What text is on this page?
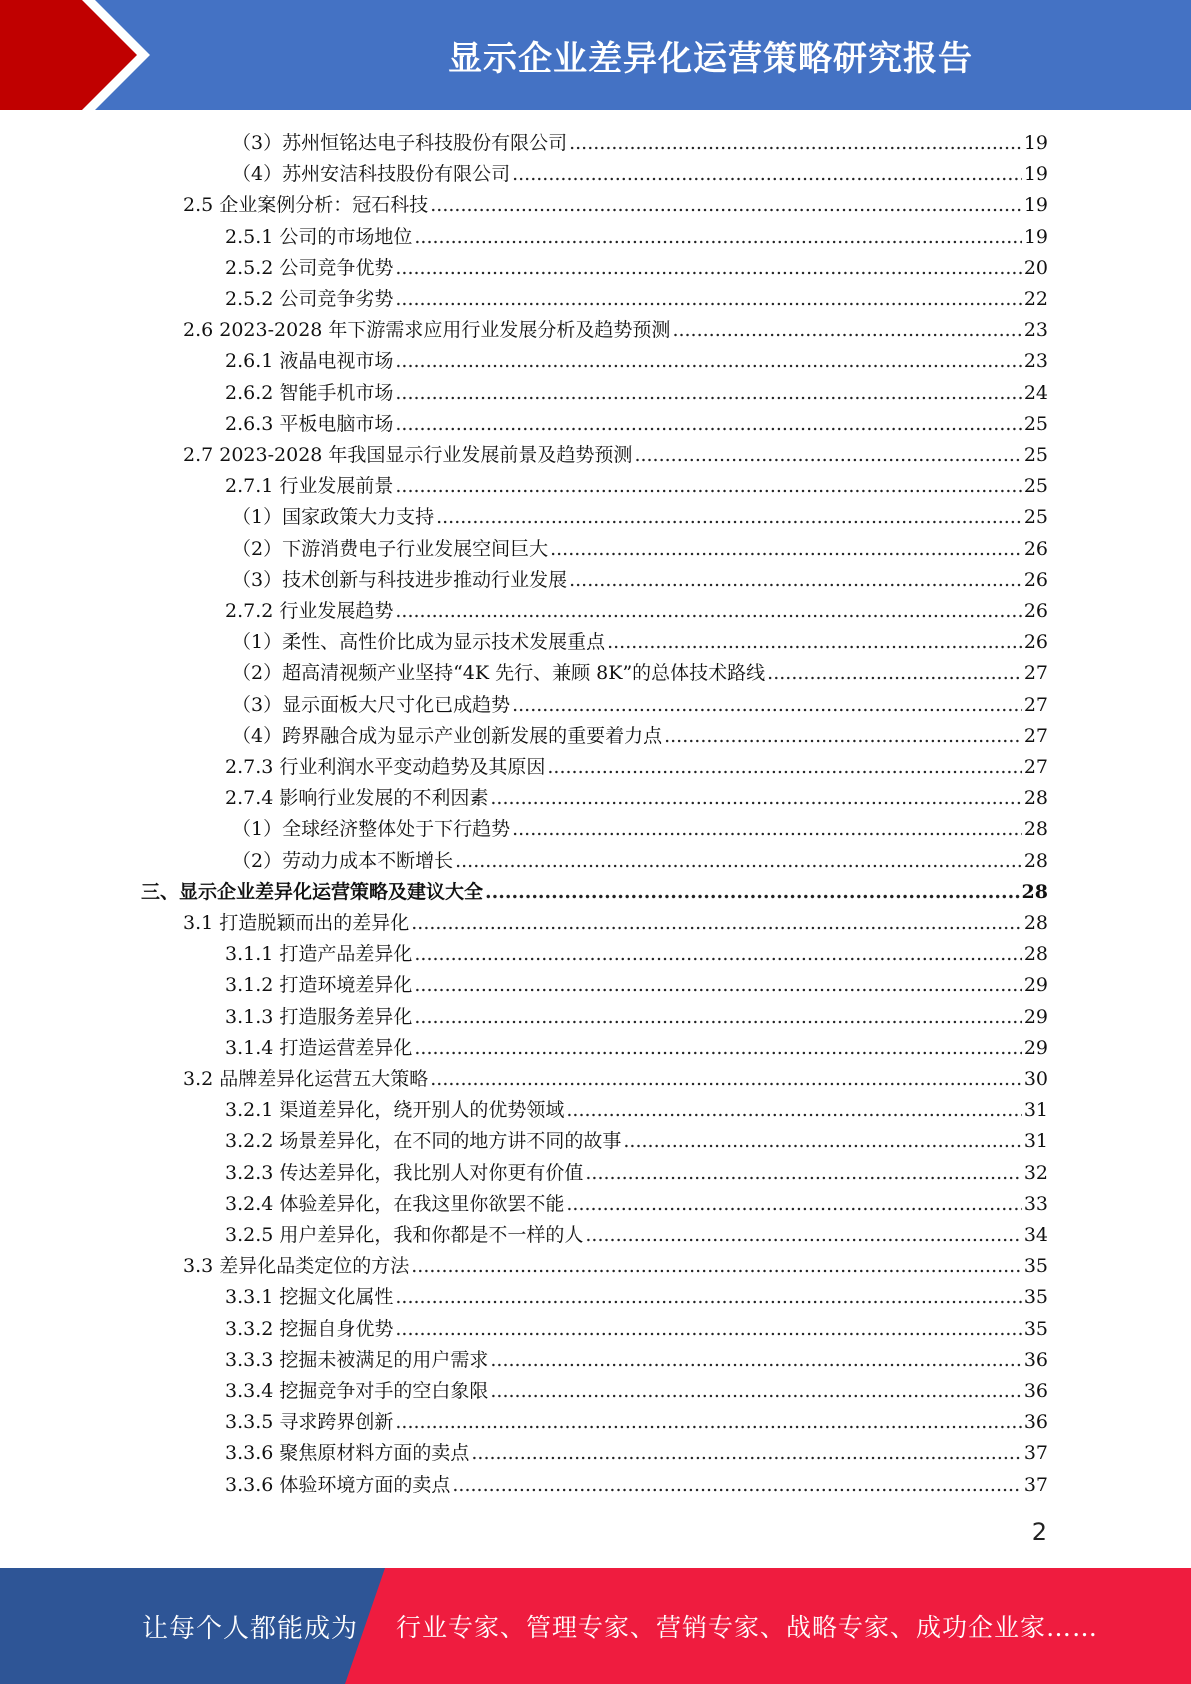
显示企业差异化运营策略研究报告
（3）苏州恒铭达电子科技股份有限公司 .....	19
（4）苏州安洁科技股份有限公司 .....	19
2.5 企业案例分析：冠石科技 .....	19
2.5.1 公司的市场地位 .....	19
2.5.2 公司竞争优势 .....	20
2.5.2 公司竞争劣势 .....	22
2.6 2023-2028 年下游需求应用行业发展分析及趋势预测 .....	23
2.6.1 液晶电视市场 .....	23
2.6.2 智能手机市场 .....	24
2.6.3 平板电脑市场 .....	25
2.7 2023-2028 年我国显示行业发展前景及趋势预测 .....	25
2.7.1 行业发展前景 .....	25
（1）国家政策大力支持 .....	25
（2）下游消费电子行业发展空间巨大 .....	26
（3）技术创新与科技进步推动行业发展 .....	26
2.7.2 行业发展趋势 .....	26
（1）柔性、高性价比成为显示技术发展重点 .....	26
（2）超高清视频产业坚持“4K 先行、兼顾 8K”的总体技术路线 .....	27
（3）显示面板大尺寸化已成趋势 .....	27
（4）跨界融合成为显示产业创新发展的重要着力点 .....	27
2.7.3 行业利润水平变动趋势及其原因 .....	27
2.7.4 影响行业发展的不利因素 .....	28
（1）全球经济整体处于下行趋势 .....	28
（2）劳动力成本不断增长 .....	28
三、显示企业差异化运营策略及建议大全 .....	28
3.1 打造脱颖而出的差异化 .....	28
3.1.1 打造产品差异化 .....	28
3.1.2 打造环境差异化 .....	29
3.1.3 打造服务差异化 .....	29
3.1.4 打造运营差异化 .....	29
3.2 品牌差异化运营五大策略 .....	30
3.2.1 渠道差异化，绕开别人的优势领域 .....	31
3.2.2 场景差异化，在不同的地方讲不同的故事 .....	31
3.2.3 传达差异化，我比别人对你更有价值 .....	32
3.2.4 体验差异化，在我这里你欲罢不能 .....	33
3.2.5 用户差异化，我和你都是不一样的人 .....	34
3.3 差异化品类定位的方法 .....	35
3.3.1 挖掘文化属性 .....	35
3.3.2 挖掘自身优势 .....	35
3.3.3 挖掘未被满足的用户需求 .....	36
3.3.4 挖掘竞争对手的空白象限 .....	36
3.3.5 寻求跨界创新 .....	36
3.3.6 聚焦原材料方面的卖点 .....	37
3.3.6 体验环境方面的卖点 .....	37
2
让每个人都能成为 行业专家、管理专家、营销专家、战略专家、成功企业家……
